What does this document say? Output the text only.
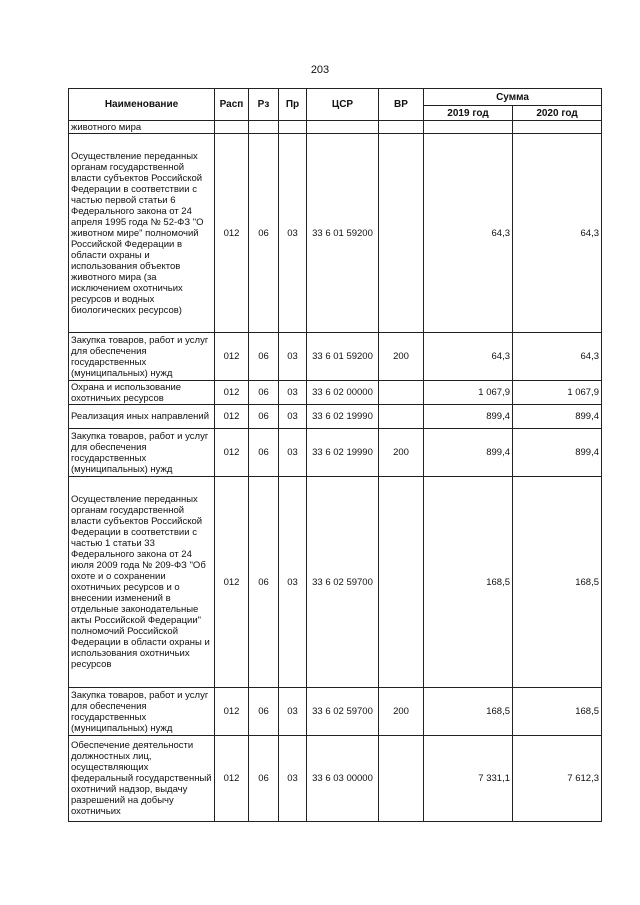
203
Наименование	Расп	Рз	Пр	ЦСР	ВР	Сумма	
						2019 год	2020 год
животного мира							
Осуществление переданных органам государственной власти субъектов Российской Федерации в соответствии с частью первой статьи 6 Федерального закона от 24 апреля 1995 года № 52-ФЗ "О животном мире" полномочий Российской Федерации в области охраны и использования объектов животного мира (за исключением охотничьих ресурсов и водных биологических ресурсов)	012	06	03	33 6 01 59200		64,3	64,3
Закупка товаров, работ и услуг для обеспечения государственных (муниципальных) нужд	012	06	03	33 6 01 59200	200	64,3	64,3
Охрана и использование охотничьих ресурсов	012	06	03	33 6 02 00000		1 067,9	1 067,9
Реализация иных направлений	012	06	03	33 6 02 19990		899,4	899,4
Закупка товаров, работ и услуг для обеспечения государственных (муниципальных) нужд	012	06	03	33 6 02 19990	200	899,4	899,4
Осуществление переданных органам государственной власти субъектов Российской Федерации в соответствии с частью 1 статьи 33 Федерального закона от 24 июля 2009 года № 209-ФЗ "Об охоте и о сохранении охотничьих ресурсов и о внесении изменений в отдельные законодательные акты Российской Федерации" полномочий Российской Федерации в области охраны и использования охотничьих ресурсов	012	06	03	33 6 02 59700		168,5	168,5
Закупка товаров, работ и услуг для обеспечения государственных (муниципальных) нужд	012	06	03	33 6 02 59700	200	168,5	168,5
Обеспечение деятельности должностных лиц, осуществляющих федеральный государственный охотничий надзор, выдачу разрешений на добычу охотничьих	012	06	03	33 6 03 00000		7 331,1	7 612,3
